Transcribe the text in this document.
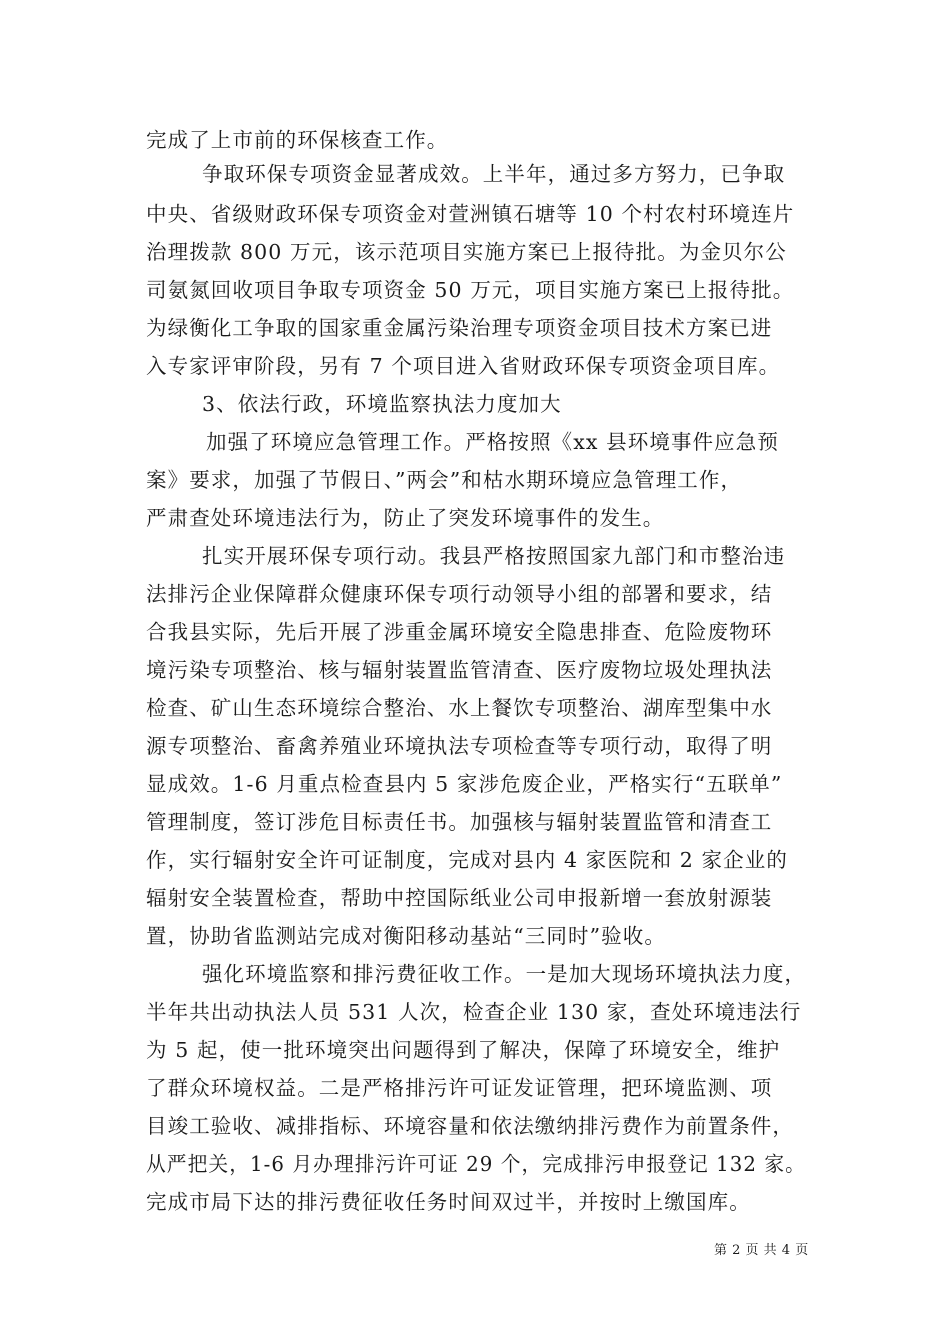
完成了上市前的环保核查工作。
争取环保专项资金显著成效。上半年，通过多方努力，已争取
中央、省级财政环保专项资金对萱洲镇石塘等 10 个村农村环境连片
治理拨款 800 万元，该示范项目实施方案已上报待批。为金贝尔公
司氨氮回收项目争取专项资金 50 万元，项目实施方案已上报待批。
为绿衡化工争取的国家重金属污染治理专项资金项目技术方案已进
入专家评审阶段，另有 7 个项目进入省财政环保专项资金项目库。
3、依法行政，环境监察执法力度加大
加强了环境应急管理工作。严格按照《xx 县环境事件应急预
案》要求，加强了节假日、”两会”和枯水期环境应急管理工作，
严肃查处环境违法行为，防止了突发环境事件的发生。
扎实开展环保专项行动。我县严格按照国家九部门和市整治违
法排污企业保障群众健康环保专项行动领导小组的部署和要求，结
合我县实际，先后开展了涉重金属环境安全隐患排查、危险废物环
境污染专项整治、核与辐射装置监管清查、医疗废物垃圾处理执法
检查、矿山生态环境综合整治、水上餐饮专项整治、湖库型集中水
源专项整治、畜禽养殖业环境执法专项检查等专项行动，取得了明
显成效。1-6 月重点检查县内 5 家涉危废企业，严格实行“五联单”
管理制度，签订涉危目标责任书。加强核与辐射装置监管和清查工
作，实行辐射安全许可证制度，完成对县内 4 家医院和 2 家企业的
辐射安全装置检查，帮助中控国际纸业公司申报新增一套放射源装
置，协助省监测站完成对衡阳移动基站“三同时”验收。
强化环境监察和排污费征收工作。一是加大现场环境执法力度，
半年共出动执法人员 531 人次，检查企业 130 家，查处环境违法行
为 5 起，使一批环境突出问题得到了解决，保障了环境安全，维护
了群众环境权益。二是严格排污许可证发证管理，把环境监测、项
目竣工验收、减排指标、环境容量和依法缴纳排污费作为前置条件，
从严把关，1-6 月办理排污许可证 29 个，完成排污申报登记 132 家。
完成市局下达的排污费征收任务时间双过半，并按时上缴国库。
第 2 页 共 4 页
